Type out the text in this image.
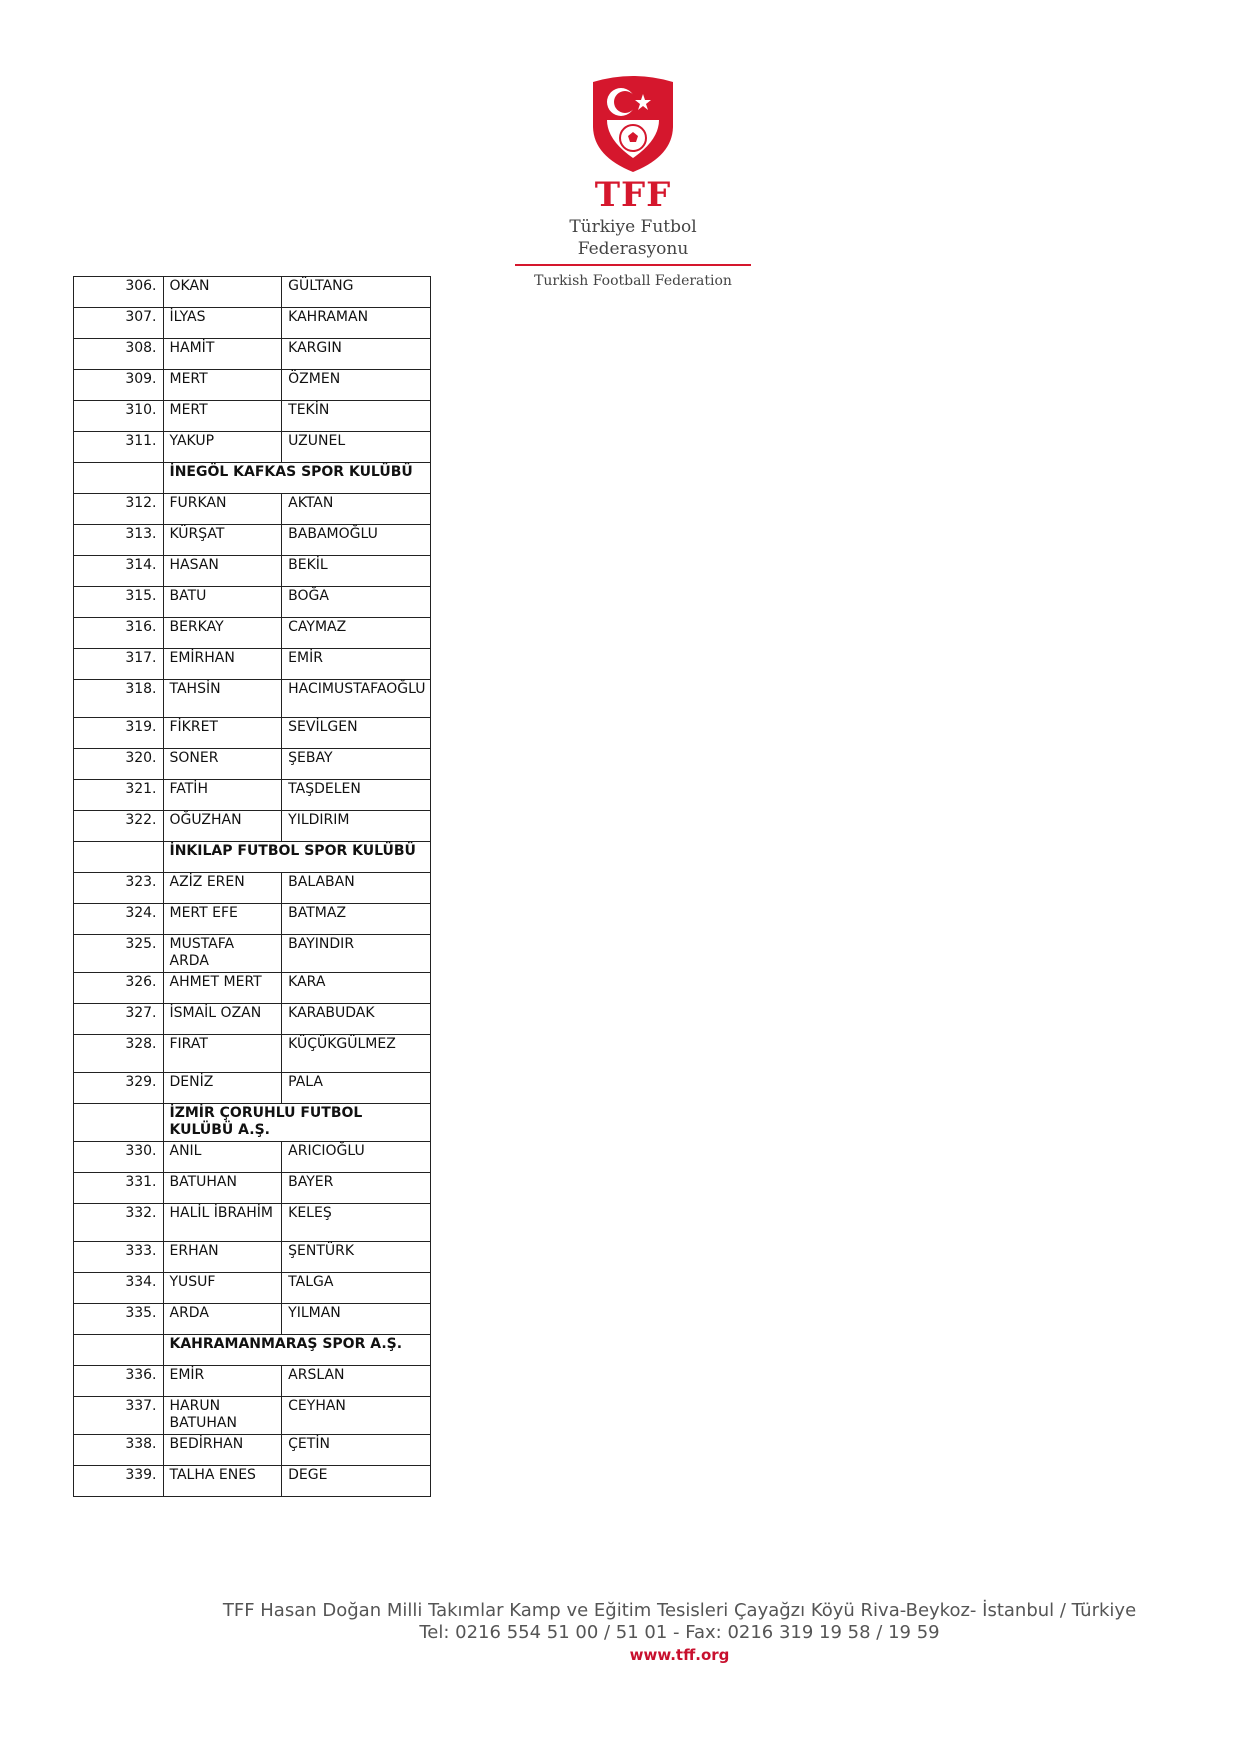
TFF
Türkiye Futbol Federasyonu
Turkish Football Federation
306.	OKAN	GÜLTANG
307.	İLYAS	KAHRAMAN
308.	HAMİT	KARGIN
309.	MERT	ÖZMEN
310.	MERT	TEKİN
311.	YAKUP	UZUNEL
	İNEGÖL KAFKAS SPOR KULÜBÜ	
312.	FURKAN	AKTAN
313.	KÜRŞAT	BABAMOĞLU
314.	HASAN	BEKİL
315.	BATU	BOĞA
316.	BERKAY	CAYMAZ
317.	EMİRHAN	EMİR
318.	TAHSİN	HACIMUSTAFAOĞLU
319.	FİKRET	SEVİLGEN
320.	SONER	ŞEBAY
321.	FATİH	TAŞDELEN
322.	OĞUZHAN	YILDIRIM
	İNKILAP FUTBOL SPOR KULÜBÜ	
323.	AZİZ EREN	BALABAN
324.	MERT EFE	BATMAZ
325.	MUSTAFA ARDA	BAYINDIR
326.	AHMET MERT	KARA
327.	İSMAİL OZAN	KARABUDAK
328.	FIRAT	KÜÇÜKGÜLMEZ
329.	DENİZ	PALA
	İZMİR ÇORUHLU FUTBOL KULÜBÜ A.Ş.	
330.	ANIL	ARICIOĞLU
331.	BATUHAN	BAYER
332.	HALİL İBRAHİM	KELEŞ
333.	ERHAN	ŞENTÜRK
334.	YUSUF	TALGA
335.	ARDA	YILMAN
	KAHRAMANMARAŞ SPOR A.Ş.	
336.	EMİR	ARSLAN
337.	HARUN BATUHAN	CEYHAN
338.	BEDİRHAN	ÇETİN
339.	TALHA ENES	DEGE
TFF Hasan Doğan Milli Takımlar Kamp ve Eğitim Tesisleri Çayağzı Köyü Riva-Beykoz- İstanbul / Türkiye
Tel: 0216 554 51 00 / 51 01 - Fax: 0216 319 19 58 / 19 59
www.tff.org
